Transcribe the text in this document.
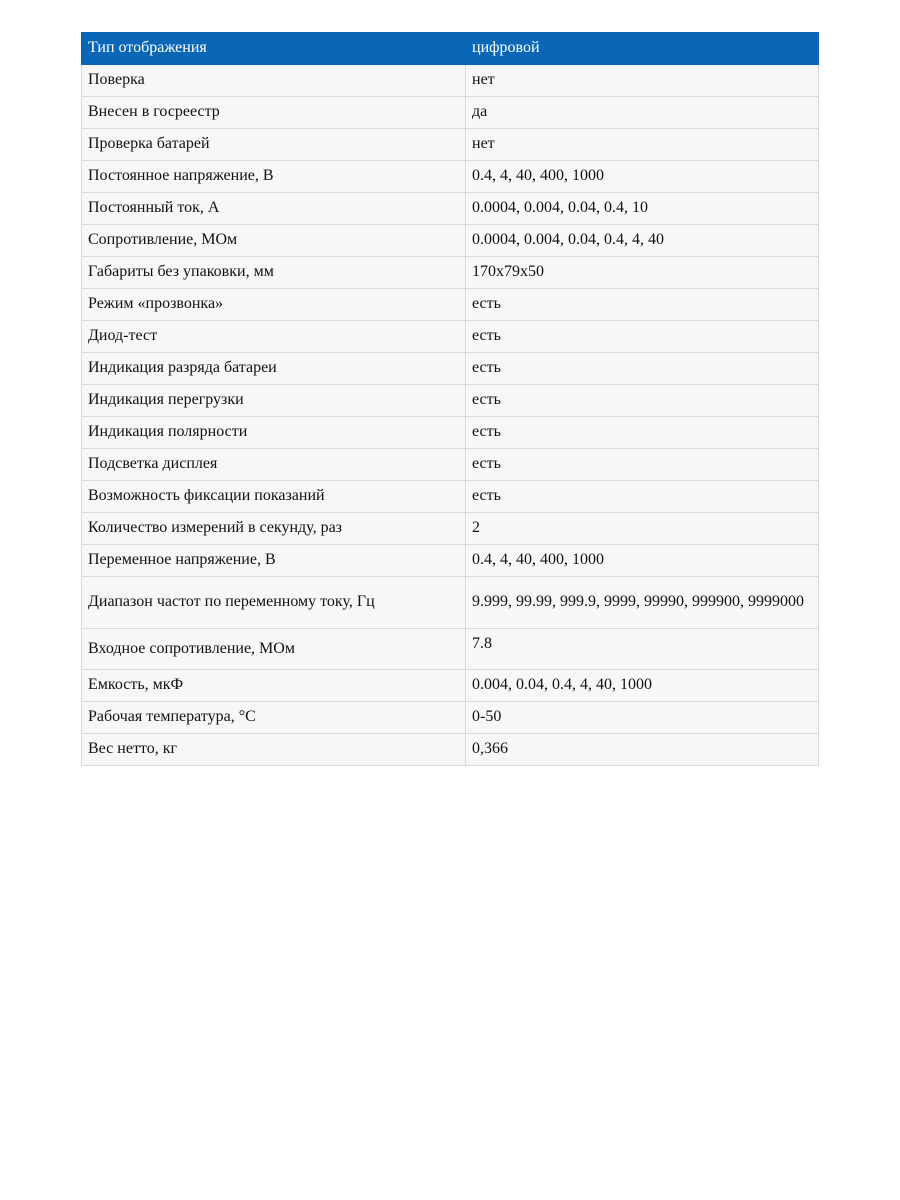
Тип отображения	цифровой
Поверка	нет
Внесен в госреестр	да
Проверка батарей	нет
Постоянное напряжение, В	0.4, 4, 40, 400, 1000
Постоянный ток, А	0.0004, 0.004, 0.04, 0.4, 10
Сопротивление, МОм	0.0004, 0.004, 0.04, 0.4, 4, 40
Габариты без упаковки, мм	170x79x50
Режим «прозвонка»	есть
Диод-тест	есть
Индикация разряда батареи	есть
Индикация перегрузки	есть
Индикация полярности	есть
Подсветка дисплея	есть
Возможность фиксации показаний	есть
Количество измерений в секунду, раз	2
Переменное напряжение, В	0.4, 4, 40, 400, 1000
Диапазон частот по переменному току, Гц	9.999, 99.99, 999.9, 9999, 99990, 999900, 9999000
Входное сопротивление, МОм	7.8
Емкость, мкФ	0.004, 0.04, 0.4, 4, 40, 1000
Рабочая температура, °С	0-50
Вес нетто, кг	0,366
